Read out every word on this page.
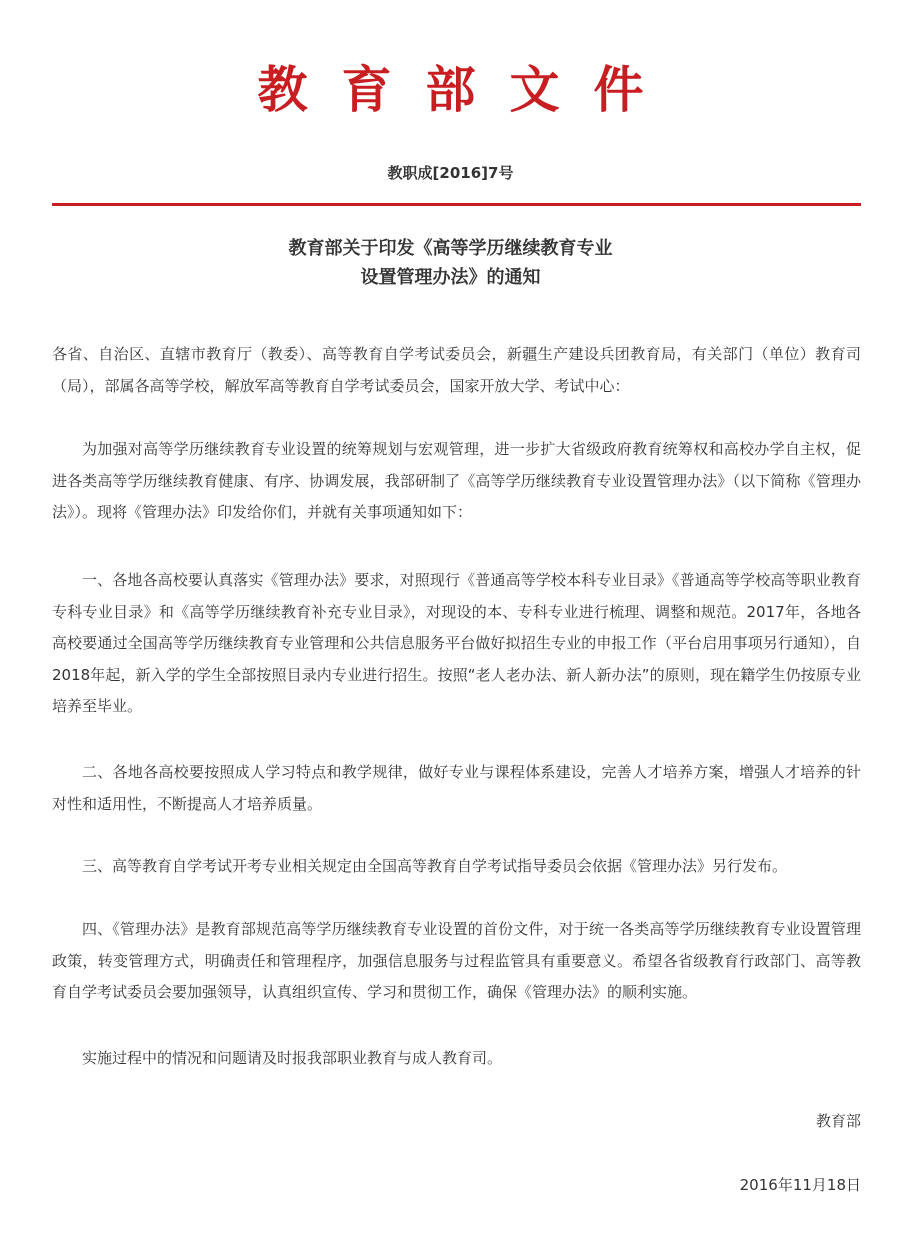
教育部文件
教职成[2016]7号
教育部关于印发《高等学历继续教育专业
设置管理办法》的通知

各省、自治区、直辖市教育厅（教委）、高等教育自学考试委员会，新疆生产建设兵团教育局，有关部门（单位）教育司（局），部属各高等学校，解放军高等教育自学考试委员会，国家开放大学、考试中心：

为加强对高等学历继续教育专业设置的统筹规划与宏观管理，进一步扩大省级政府教育统筹权和高校办学自主权，促进各类高等学历继续教育健康、有序、协调发展，我部研制了《高等学历继续教育专业设置管理办法》（以下简称《管理办法》）。现将《管理办法》印发给你们，并就有关事项通知如下：

一、各地各高校要认真落实《管理办法》要求，对照现行《普通高等学校本科专业目录》《普通高等学校高等职业教育专科专业目录》和《高等学历继续教育补充专业目录》，对现设的本、专科专业进行梳理、调整和规范。2017年，各地各高校要通过全国高等学历继续教育专业管理和公共信息服务平台做好拟招生专业的申报工作（平台启用事项另行通知），自2018年起，新入学的学生全部按照目录内专业进行招生。按照“老人老办法、新人新办法”的原则，现在籍学生仍按原专业培养至毕业。

二、各地各高校要按照成人学习特点和教学规律，做好专业与课程体系建设，完善人才培养方案，增强人才培养的针对性和适用性，不断提高人才培养质量。

三、高等教育自学考试开考专业相关规定由全国高等教育自学考试指导委员会依据《管理办法》另行发布。

四、《管理办法》是教育部规范高等学历继续教育专业设置的首份文件，对于统一各类高等学历继续教育专业设置管理政策，转变管理方式，明确责任和管理程序，加强信息服务与过程监管具有重要意义。希望各省级教育行政部门、高等教育自学考试委员会要加强领导，认真组织宣传、学习和贯彻工作，确保《管理办法》的顺利实施。

实施过程中的情况和问题请及时报我部职业教育与成人教育司。

教育部
2016年11月18日
